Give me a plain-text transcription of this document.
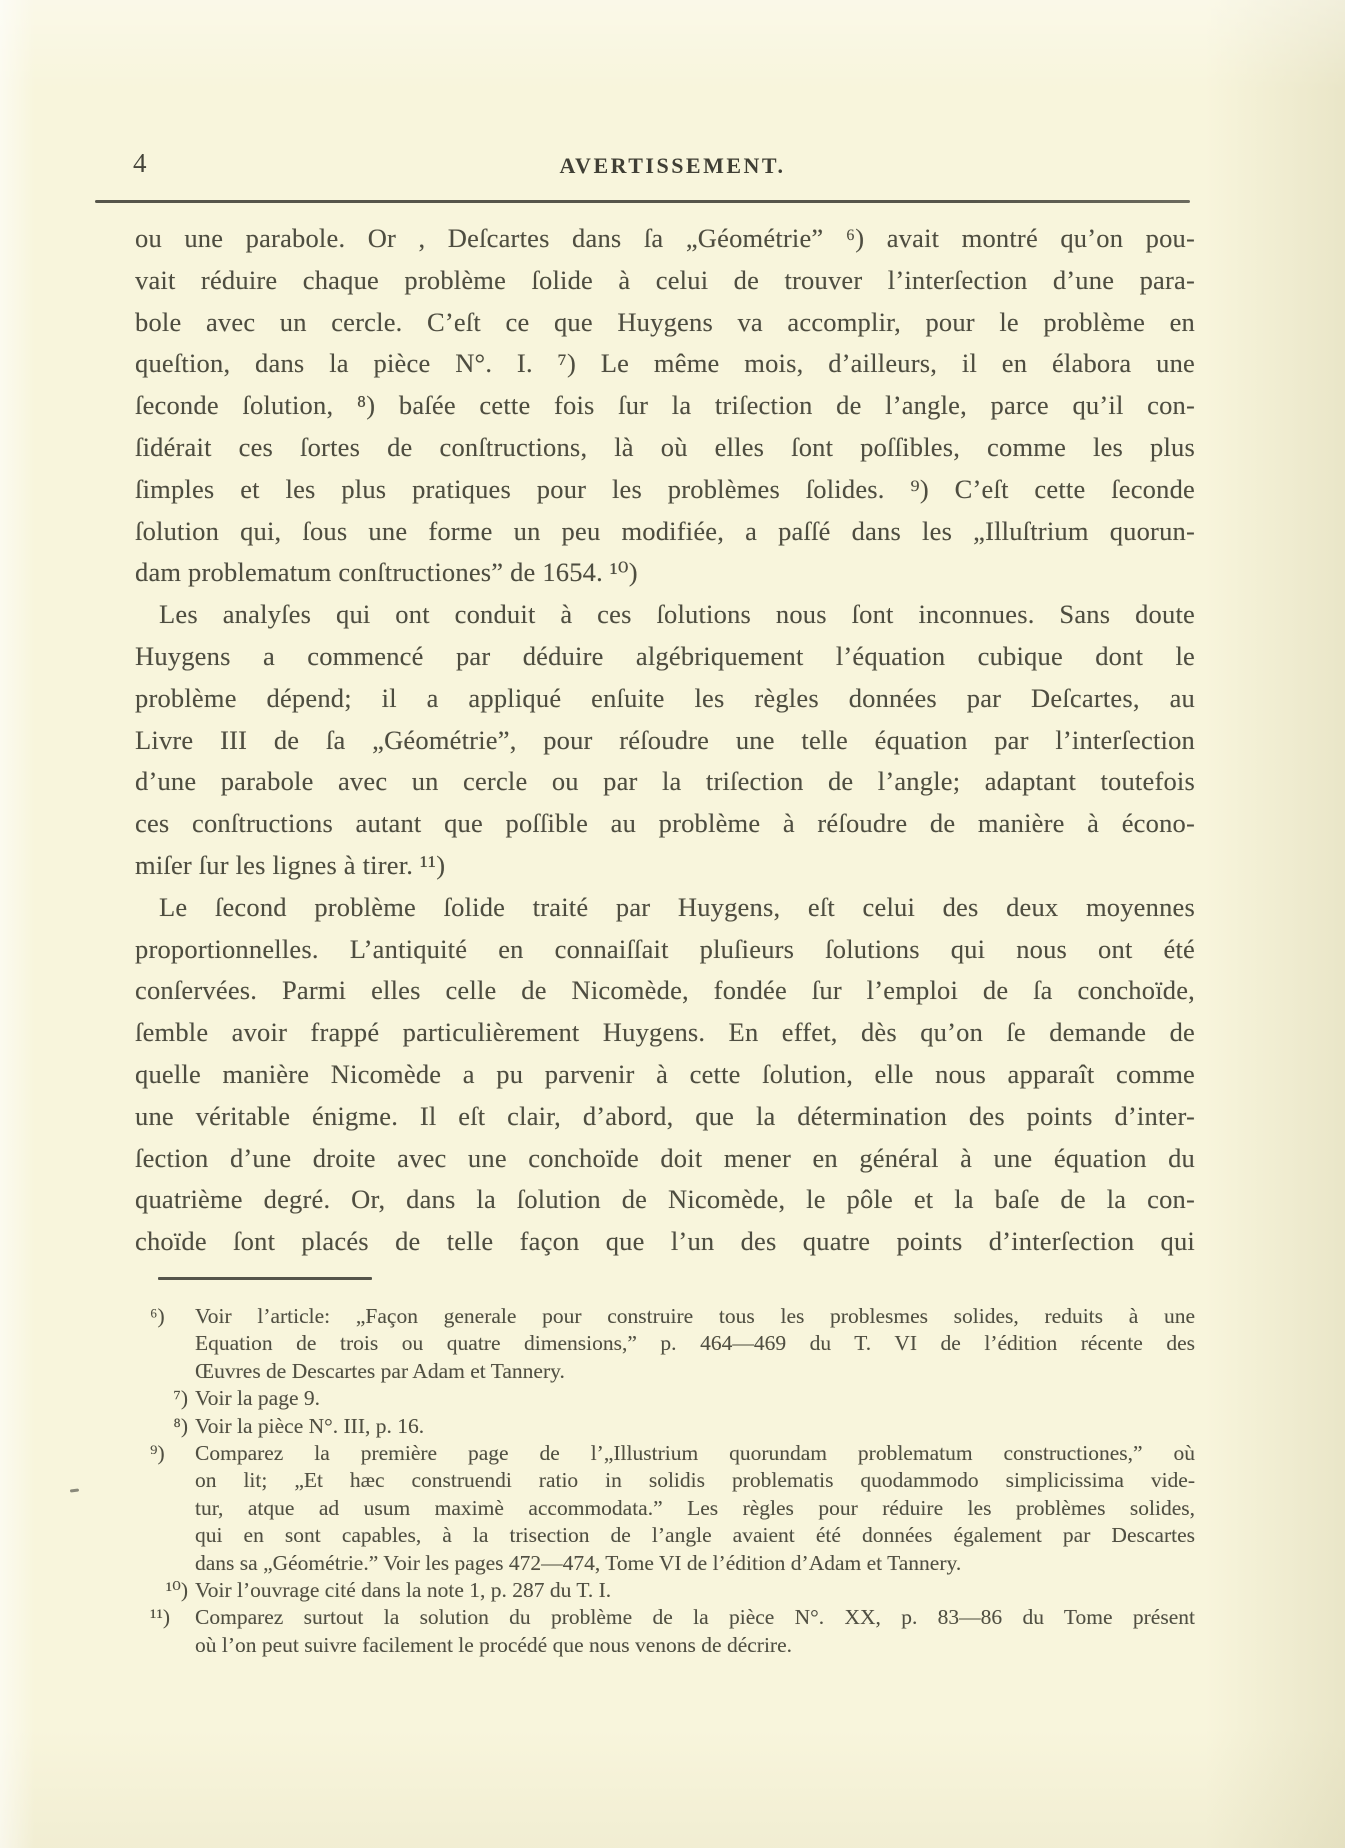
4	AVERTISSEMENT.
ou une parabole. Or , Deſcartes dans ſa „Géométrie” ⁶) avait montré qu’on pou-
vait réduire chaque problème ſolide à celui de trouver l’interſection d’une para-
bole avec un cercle. C’eſt ce que Huygens va accomplir, pour le problème en
queſtion, dans la pièce N°. I. ⁷) Le même mois, d’ailleurs, il en élabora une
ſeconde ſolution, ⁸) baſée cette fois ſur la triſection de l’angle, parce qu’il con-
ſidérait ces ſortes de conſtructions, là où elles ſont poſſibles, comme les plus
ſimples et les plus pratiques pour les problèmes ſolides. ⁹) C’eſt cette ſeconde
ſolution qui, ſous une forme un peu modifiée, a paſſé dans les „Illuſtrium quorun-
dam problematum conſtructiones” de 1654. ¹⁰)
Les analyſes qui ont conduit à ces ſolutions nous ſont inconnues. Sans doute
Huygens a commencé par déduire algébriquement l’équation cubique dont le
problème dépend; il a appliqué enſuite les règles données par Deſcartes, au
Livre III de ſa „Géométrie”, pour réſoudre une telle équation par l’interſection
d’une parabole avec un cercle ou par la triſection de l’angle; adaptant toutefois
ces conſtructions autant que poſſible au problème à réſoudre de manière à écono-
miſer ſur les lignes à tirer. ¹¹)
Le ſecond problème ſolide traité par Huygens, eſt celui des deux moyennes
proportionnelles. L’antiquité en connaiſſait pluſieurs ſolutions qui nous ont été
conſervées. Parmi elles celle de Nicomède, fondée ſur l’emploi de ſa conchoïde,
ſemble avoir frappé particulièrement Huygens. En effet, dès qu’on ſe demande de
quelle manière Nicomède a pu parvenir à cette ſolution, elle nous apparaît comme
une véritable énigme. Il eſt clair, d’abord, que la détermination des points d’inter-
ſection d’une droite avec une conchoïde doit mener en général à une équation du
quatrième degré. Or, dans la ſolution de Nicomède, le pôle et la baſe de la con-
choïde ſont placés de telle façon que l’un des quatre points d’interſection qui
⁶)	Voir l’article: „Façon generale pour construire tous les problesmes solides, reduits à une
Equation de trois ou quatre dimensions,” p. 464—469 du T. VI de l’édition récente des
Œuvres de Descartes par Adam et Tannery.
⁷) Voir la page 9.
⁸) Voir la pièce N°. III, p. 16.
⁹)	Comparez la première page de l’„Illustrium quorundam problematum constructiones,” où
on lit; „Et hæc construendi ratio in solidis problematis quodammodo simplicissima vide-
tur, atque ad usum maximè accommodata.” Les règles pour réduire les problèmes solides,
qui en sont capables, à la trisection de l’angle avaient été données également par Descartes
dans sa „Géométrie.” Voir les pages 472—474, Tome VI de l’édition d’Adam et Tannery.
¹⁰) Voir l’ouvrage cité dans la note 1, p. 287 du T. I.
¹¹)	Comparez surtout la solution du problème de la pièce N°. XX, p. 83—86 du Tome présent
où l’on peut suivre facilement le procédé que nous venons de décrire.
